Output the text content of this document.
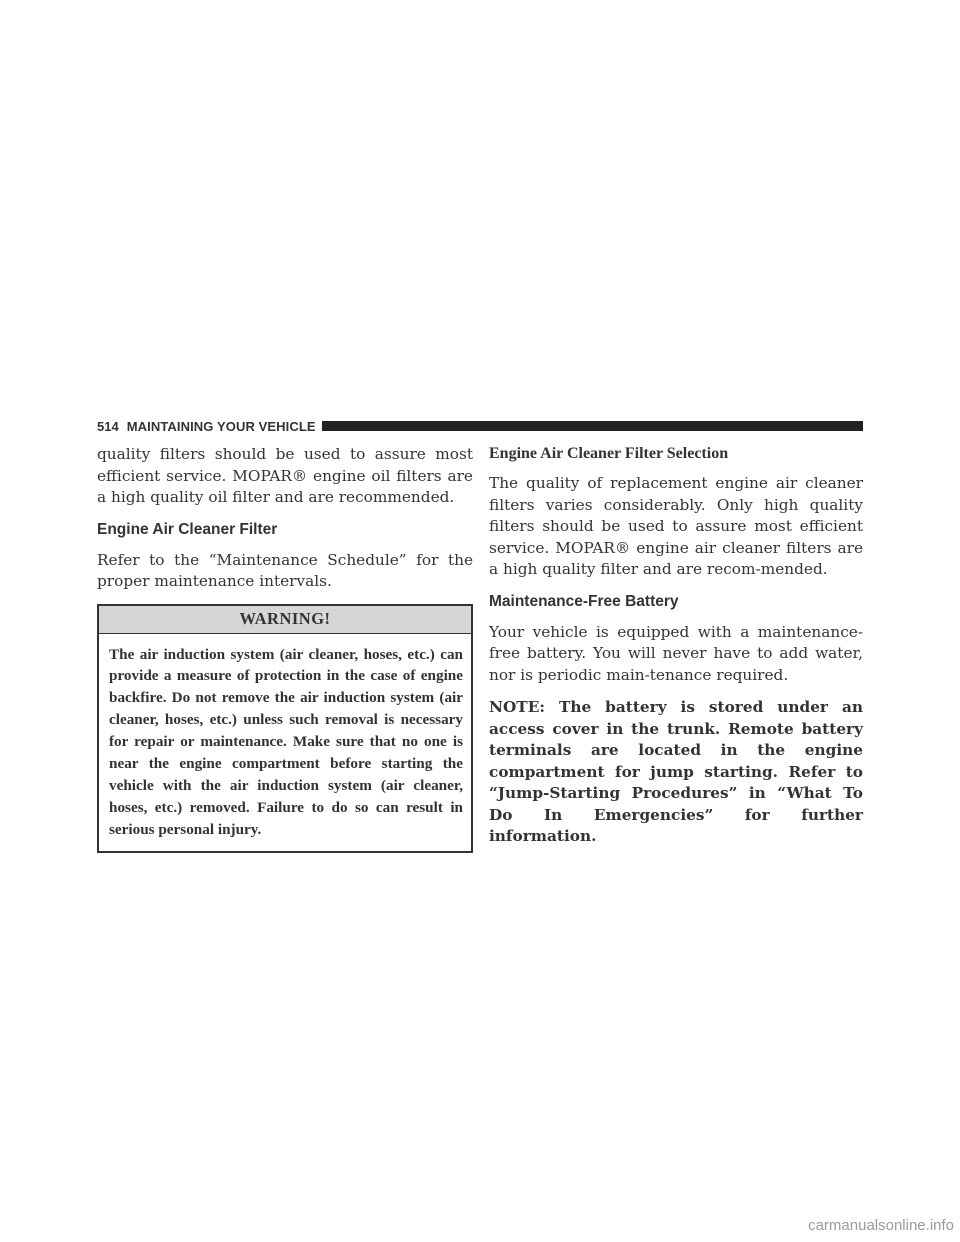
514 MAINTAINING YOUR VEHICLE

quality filters should be used to assure most efficient service. MOPAR® engine oil filters are a high quality oil filter and are recommended.

Engine Air Cleaner Filter

Refer to the “Maintenance Schedule” for the proper maintenance intervals.

WARNING!
The air induction system (air cleaner, hoses, etc.) can provide a measure of protection in the case of engine backfire. Do not remove the air induction system (air cleaner, hoses, etc.) unless such removal is necessary for repair or maintenance. Make sure that no one is near the engine compartment before starting the vehicle with the air induction system (air cleaner, hoses, etc.) removed. Failure to do so can result in serious personal injury.
Engine Air Cleaner Filter Selection

The quality of replacement engine air cleaner filters varies considerably. Only high quality filters should be used to assure most efficient service. MOPAR® engine air cleaner filters are a high quality filter and are recom-mended.

Maintenance-Free Battery

Your vehicle is equipped with a maintenance-free battery. You will never have to add water, nor is periodic main-tenance required.

NOTE: The battery is stored under an access cover in the trunk. Remote battery terminals are located in the engine compartment for jump starting. Refer to “Jump-Starting Procedures” in “What To Do In Emergencies” for further information.

carmanualsonline.info
